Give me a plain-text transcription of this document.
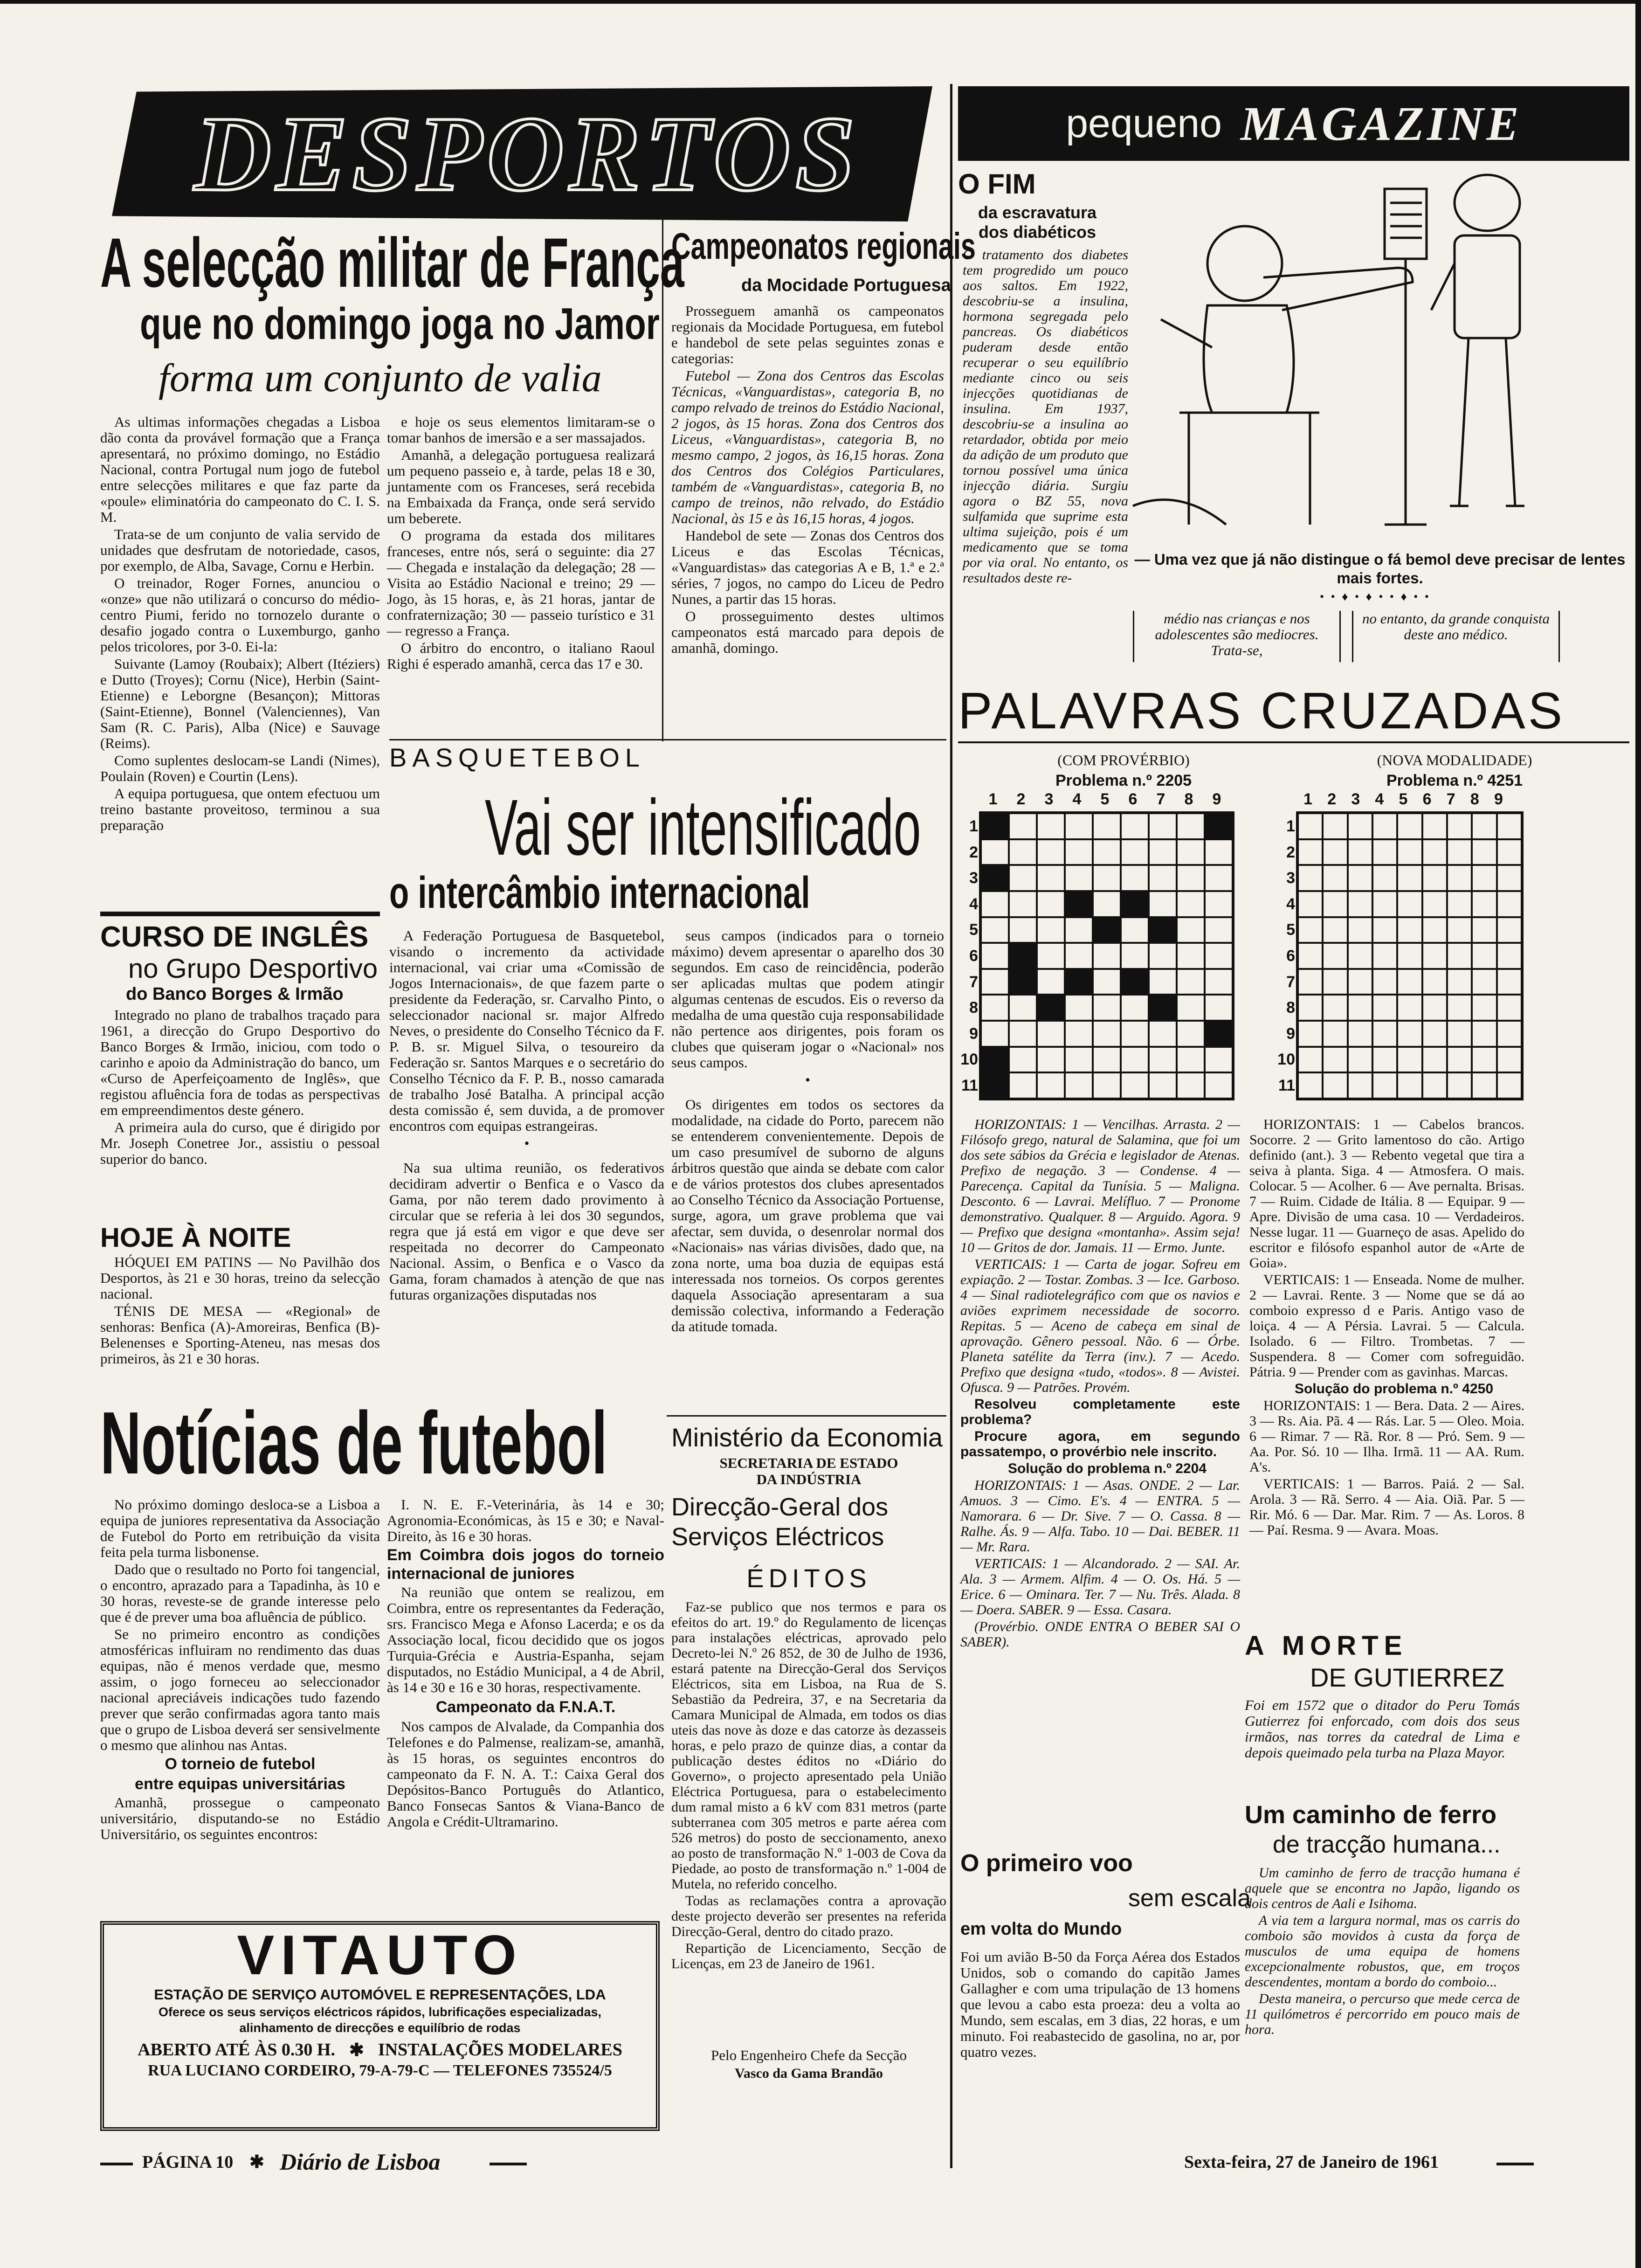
DESPORTOS
A selecção militar de França
que no domingo joga no Jamor
forma um conjunto de valia

As ultimas informações chegadas a Lisboa dão conta da provável formação que a França apresentará, no próximo domingo, no Estádio Nacional, contra Portugal num jogo de futebol entre selecções militares e que faz parte da «poule» eliminatória do campeonato do C. I. S. M.

Trata-se de um conjunto de valia servido de unidades que desfrutam de notoriedade, casos, por exemplo, de Alba, Savage, Cornu e Herbin.

O treinador, Roger Fornes, anunciou o «onze» que não utilizará o concurso do médio-centro Piumi, ferido no tornozelo durante o desafio jogado contra o Luxemburgo, ganho pelos tricolores, por 3-0. Ei-la:

Suivante (Lamoy (Roubaix); Albert (Itéziers) e Dutto (Troyes); Cornu (Nice), Herbin (Saint-Etienne) e Leborgne (Besançon); Mittoras (Saint-Etienne), Bonnel (Valenciennes), Van Sam (R. C. Paris), Alba (Nice) e Sauvage (Reims).

Como suplentes deslocam-se Landi (Nimes), Poulain (Roven) e Courtin (Lens).

A equipa portuguesa, que ontem efectuou um treino bastante proveitoso, terminou a sua preparação

e hoje os seus elementos limitaram-se o tomar banhos de imersão e a ser massajados.

Amanhã, a delegação portuguesa realizará um pequeno passeio e, à tarde, pelas 18 e 30, juntamente com os Franceses, será recebida na Embaixada da França, onde será servido um beberete.

O programa da estada dos militares franceses, entre nós, será o seguinte: dia 27 — Chegada e instalação da delegação; 28 — Visita ao Estádio Nacional e treino; 29 — Jogo, às 15 horas, e, às 21 horas, jantar de confraternização; 30 — passeio turístico e 31 — regresso a França.

O árbitro do encontro, o italiano Raoul Righi é esperado amanhã, cerca das 17 e 30.

Campeonatos regionais
da Mocidade Portuguesa

Prosseguem amanhã os campeonatos regionais da Mocidade Portuguesa, em futebol e handebol de sete pelas seguintes zonas e categorias:

Futebol — Zona dos Centros das Escolas Técnicas, «Vanguardistas», categoria B, no campo relvado de treinos do Estádio Nacional, 2 jogos, às 15 horas. Zona dos Centros dos Liceus, «Vanguardistas», categoria B, no mesmo campo, 2 jogos, às 16,15 horas. Zona dos Centros dos Colégios Particulares, também de «Vanguardistas», categoria B, no campo de treinos, não relvado, do Estádio Nacional, às 15 e às 16,15 horas, 4 jogos.

Handebol de sete — Zonas dos Centros dos Liceus e das Escolas Técnicas, «Vanguardistas» das categorias A e B, 1.ª e 2.ª séries, 7 jogos, no campo do Liceu de Pedro Nunes, a partir das 15 horas.

O prosseguimento destes ultimos campeonatos está marcado para depois de amanhã, domingo.

BASQUETEBOL
Vai ser intensificado
o intercâmbio internacional

A Federação Portuguesa de Basquetebol, visando o incremento da actividade internacional, vai criar uma «Comissão de Jogos Internacionais», de que fazem parte o presidente da Federação, sr. Carvalho Pinto, o seleccionador nacional sr. major Alfredo Neves, o presidente do Conselho Técnico da F. P. B. sr. Miguel Silva, o tesoureiro da Federação sr. Santos Marques e o secretário do Conselho Técnico da F. P. B., nosso camarada de trabalho José Batalha. A principal acção desta comissão é, sem duvida, a de promover encontros com equipas estrangeiras.

•

Na sua ultima reunião, os federativos decidiram advertir o Benfica e o Vasco da Gama, por não terem dado provimento à circular que se referia à lei dos 30 segundos, regra que já está em vigor e que deve ser respeitada no decorrer do Campeonato Nacional. Assim, o Benfica e o Vasco da Gama, foram chamados à atenção de que nas futuras organizações disputadas nos

seus campos (indicados para o torneio máximo) devem apresentar o aparelho dos 30 segundos. Em caso de reincidência, poderão ser aplicadas multas que podem atingir algumas centenas de escudos. Eis o reverso da medalha de uma questão cuja responsabilidade não pertence aos dirigentes, pois foram os clubes que quiseram jogar o «Nacional» nos seus campos.

•

Os dirigentes em todos os sectores da modalidade, na cidade do Porto, parecem não se entenderem convenientemente. Depois de um caso presumível de suborno de alguns árbitros questão que ainda se debate com calor e de vários protestos dos clubes apresentados ao Conselho Técnico da Associação Portuense, surge, agora, um grave problema que vai afectar, sem duvida, o desenrolar normal dos «Nacionais» nas várias divisões, dado que, na zona norte, uma boa duzia de equipas está interessada nos torneios. Os corpos gerentes daquela Associação apresentaram a sua demissão colectiva, informando a Federação da atitude tomada.

CURSO DE INGLÊS
no Grupo Desportivo
do Banco Borges & Irmão

Integrado no plano de trabalhos traçado para 1961, a direcção do Grupo Desportivo do Banco Borges & Irmão, iniciou, com todo o carinho e apoio da Administração do banco, um «Curso de Aperfeiçoamento de Inglês», que registou afluência fora de todas as perspectivas em empreendimentos deste género.

A primeira aula do curso, que é dirigido por Mr. Joseph Conetree Jor., assistiu o pessoal superior do banco.

HOJE À NOITE

HÓQUEI EM PATINS — No Pavilhão dos Desportos, às 21 e 30 horas, treino da selecção nacional.

TÉNIS DE MESA — «Regional» de senhoras: Benfica (A)-Amoreiras, Benfica (B)-Belenenses e Sporting-Ateneu, nas mesas dos primeiros, às 21 e 30 horas.

Notícias de futebol

No próximo domingo desloca-se a Lisboa a equipa de juniores representativa da Associação de Futebol do Porto em retribuição da visita feita pela turma lisbonense.

Dado que o resultado no Porto foi tangencial, o encontro, aprazado para a Tapadinha, às 10 e 30 horas, reveste-se de grande interesse pelo que é de prever uma boa afluência de público.

Se no primeiro encontro as condições atmosféricas influiram no rendimento das duas equipas, não é menos verdade que, mesmo assim, o jogo forneceu ao seleccionador nacional apreciáveis indicações tudo fazendo prever que serão confirmadas agora tanto mais que o grupo de Lisboa deverá ser sensivelmente o mesmo que alinhou nas Antas.

O torneio de futebol

entre equipas universitárias

Amanhã, prossegue o campeonato universitário, disputando-se no Estádio Universitário, os seguintes encontros:

I. N. E. F.-Veterinária, às 14 e 30; Agronomia-Económicas, às 15 e 30; e Naval-Direito, às 16 e 30 horas.

Em Coimbra dois jogos do torneio internacional de juniores

Na reunião que ontem se realizou, em Coimbra, entre os representantes da Federação, srs. Francisco Mega e Afonso Lacerda; e os da Associação local, ficou decidido que os jogos Turquia-Grécia e Austria-Espanha, sejam disputados, no Estádio Municipal, a 4 de Abril, às 14 e 30 e 16 e 30 horas, respectivamente.

Campeonato da F.N.A.T.

Nos campos de Alvalade, da Companhia dos Telefones e do Palmense, realizam-se, amanhã, às 15 horas, os seguintes encontros do campeonato da F. N. A. T.: Caixa Geral dos Depósitos-Banco Português do Atlantico, Banco Fonsecas Santos & Viana-Banco de Angola e Crédit-Ultramarino.

VITAUTO
ESTAÇÃO DE SERVIÇO AUTOMÓVEL E REPRESENTAÇÕES, LDA
Oferece os seus serviços eléctricos rápidos, lubrificações especializadas,
alinhamento de direcções e equilíbrio de rodas
ABERTO ATÉ ÀS 0.30 H. ✱ INSTALAÇÕES MODELARES
RUA LUCIANO CORDEIRO, 79-A-79-C — TELEFONES 735524/5
Ministério da Economia
SECRETARIA DE ESTADO
DA INDÚSTRIA
Direcção-Geral dos Serviços Eléctricos
ÉDITOS

Faz-se publico que nos termos e para os efeitos do art. 19.º do Regulamento de licenças para instalações eléctricas, aprovado pelo Decreto-lei N.º 26 852, de 30 de Julho de 1936, estará patente na Direcção-Geral dos Serviços Eléctricos, sita em Lisboa, na Rua de S. Sebastião da Pedreira, 37, e na Secretaria da Camara Municipal de Almada, em todos os dias uteis das nove às doze e das catorze às dezasseis horas, e pelo prazo de quinze dias, a contar da publicação destes éditos no «Diário do Governo», o projecto apresentado pela União Eléctrica Portuguesa, para o estabelecimento dum ramal misto a 6 kV com 831 metros (parte subterranea com 305 metros e parte aérea com 526 metros) do posto de seccionamento, anexo ao posto de transformação N.º 1-003 de Cova da Piedade, ao posto de transformação n.º 1-004 de Mutela, no referido concelho.

Todas as reclamações contra a aprovação deste projecto deverão ser presentes na referida Direcção-Geral, dentro do citado prazo.

Repartição de Licenciamento, Secção de Licenças, em 23 de Janeiro de 1961.

Pelo Engenheiro Chefe da Secção
Vasco da Gama Brandão
pequeno MAGAZINE
O FIM
da escravatura dos diabéticos
O tratamento dos diabetes tem progredido um pouco aos saltos. Em 1922, descobriu-se a insulina, hormona segregada pelo pancreas. Os diabéticos puderam desde então recuperar o seu equilíbrio mediante cinco ou seis injecções quotidianas de insulina. Em 1937, descobriu-se a insulina ao retardador, obtida por meio da adição de um produto que tornou possível uma única injecção diária. Surgiu agora o BZ 55, nova sulfamida que suprime esta ultima sujeição, pois é um medicamento que se toma por via oral. No entanto, os resultados deste re-
— Uma vez que já não distingue o fá bemol deve precisar de lentes mais fortes.
• • ♦ • ♦ • • ♦ • •
médio nas crianças e nos adolescentes são mediocres. Trata-se,
no entanto, da grande conquista deste ano médico.
PALAVRAS CRUZADAS
(COM PROVÉRBIO)
Problema n.º 2205
(NOVA MODALIDADE)
Problema n.º 4251
1 2 3 4 5 6 7 8 9
1
2
3
4
5
6
7
8
9
10
11
1 2 3 4 5 6 7 8 9
1
2
3
4
5
6
7
8
9
10
11

HORIZONTAIS: 1 — Vencilhas. Arrasta. 2 — Filósofo grego, natural de Salamina, que foi um dos sete sábios da Grécia e legislador de Atenas. Prefixo de negação. 3 — Condense. 4 — Parecença. Capital da Tunísia. 5 — Maligna. Desconto. 6 — Lavrai. Melífluo. 7 — Pronome demonstrativo. Qualquer. 8 — Arguido. Agora. 9 — Prefixo que designa «montanha». Assim seja! 10 — Gritos de dor. Jamais. 11 — Ermo. Junte.

VERTICAIS: 1 — Carta de jogar. Sofreu em expiação. 2 — Tostar. Zombas. 3 — Ice. Garboso. 4 — Sinal radiotelegráfico com que os navios e aviões exprimem necessidade de socorro. Repitas. 5 — Aceno de cabeça em sinal de aprovação. Gênero pessoal. Não. 6 — Órbe. Planeta satélite da Terra (inv.). 7 — Acedo. Prefixo que designa «tudo, «todos». 8 — Avistei. Ofusca. 9 — Patrões. Provém.

Resolveu completamente este problema?

Procure agora, em segundo passatempo, o provérbio nele inscrito.

Solução do problema n.º 2204

HORIZONTAIS: 1 — Asas. ONDE. 2 — Lar. Amuos. 3 — Cimo. E's. 4 — ENTRA. 5 — Namorara. 6 — Dr. Sive. 7 — O. Cassa. 8 — Ralhe. Ás. 9 — Alfa. Tabo. 10 — Dai. BEBER. 11 — Mr. Rara.

VERTICAIS: 1 — Alcandorado. 2 — SAI. Ar. Ala. 3 — Armem. Alfim. 4 — O. Os. Há. 5 — Erice. 6 — Ominara. Ter. 7 — Nu. Três. Alada. 8 — Doera. SABER. 9 — Essa. Casara.

(Provérbio. ONDE ENTRA O BEBER SAI O SABER).

HORIZONTAIS: 1 — Cabelos brancos. Socorre. 2 — Grito lamentoso do cão. Artigo definido (ant.). 3 — Rebento vegetal que tira a seiva à planta. Siga. 4 — Atmosfera. O mais. Colocar. 5 — Acolher. 6 — Ave pernalta. Brisas. 7 — Ruim. Cidade de Itália. 8 — Equipar. 9 — Apre. Divisão de uma casa. 10 — Verdadeiros. Nesse lugar. 11 — Guarneço de asas. Apelido do escritor e filósofo espanhol autor de «Arte de Goia».

VERTICAIS: 1 — Enseada. Nome de mulher. 2 — Lavrai. Rente. 3 — Nome que se dá ao comboio expresso d e Paris. Antigo vaso de loiça. 4 — A Pérsia. Lavrai. 5 — Calcula. Isolado. 6 — Filtro. Trombetas. 7 — Suspendera. 8 — Comer com sofreguidão. Pátria. 9 — Prender com as gavinhas. Marcas.

Solução do problema n.º 4250

HORIZONTAIS: 1 — Bera. Data. 2 — Aires. 3 — Rs. Aia. Pã. 4 — Rás. Lar. 5 — Oleo. Moia. 6 — Rimar. 7 — Rã. Ror. 8 — Pró. Sem. 9 — Aa. Por. Só. 10 — Ilha. Irmã. 11 — AA. Rum. A's.

VERTICAIS: 1 — Barros. Paiá. 2 — Sal. Arola. 3 — Rã. Serro. 4 — Aia. Oiã. Par. 5 — Rir. Mó. 6 — Dar. Mar. Rim. 7 — As. Loros. 8 — Paí. Resma. 9 — Avara. Moas.

A MORTE
DE GUTIERREZ
Foi em 1572 que o ditador do Peru Tomás Gutierrez foi enforcado, com dois dos seus irmãos, nas torres da catedral de Lima e depois queimado pela turba na Plaza Mayor.
Um caminho de ferro
de tracção humana...

Um caminho de ferro de tracção humana é aquele que se encontra no Japão, ligando os dois centros de Aali e Isihoma.

A via tem a largura normal, mas os carris do comboio são movidos à custa da força de musculos de uma equipa de homens excepcionalmente robustos, que, em troços descendentes, montam a bordo do comboio...

Desta maneira, o percurso que mede cerca de 11 quilómetros é percorrido em pouco mais de hora.

O primeiro voo
sem escala
em volta do Mundo
Foi um avião B-50 da Força Aérea dos Estados Unidos, sob o comando do capitão James Gallagher e com uma tripulação de 13 homens que levou a cabo esta proeza: deu a volta ao Mundo, sem escalas, em 3 dias, 22 horas, e um minuto. Foi reabastecido de gasolina, no ar, por quatro vezes.
PÁGINA 10 ✱ Diário de Lisboa	Sexta-feira, 27 de Janeiro de 1961
